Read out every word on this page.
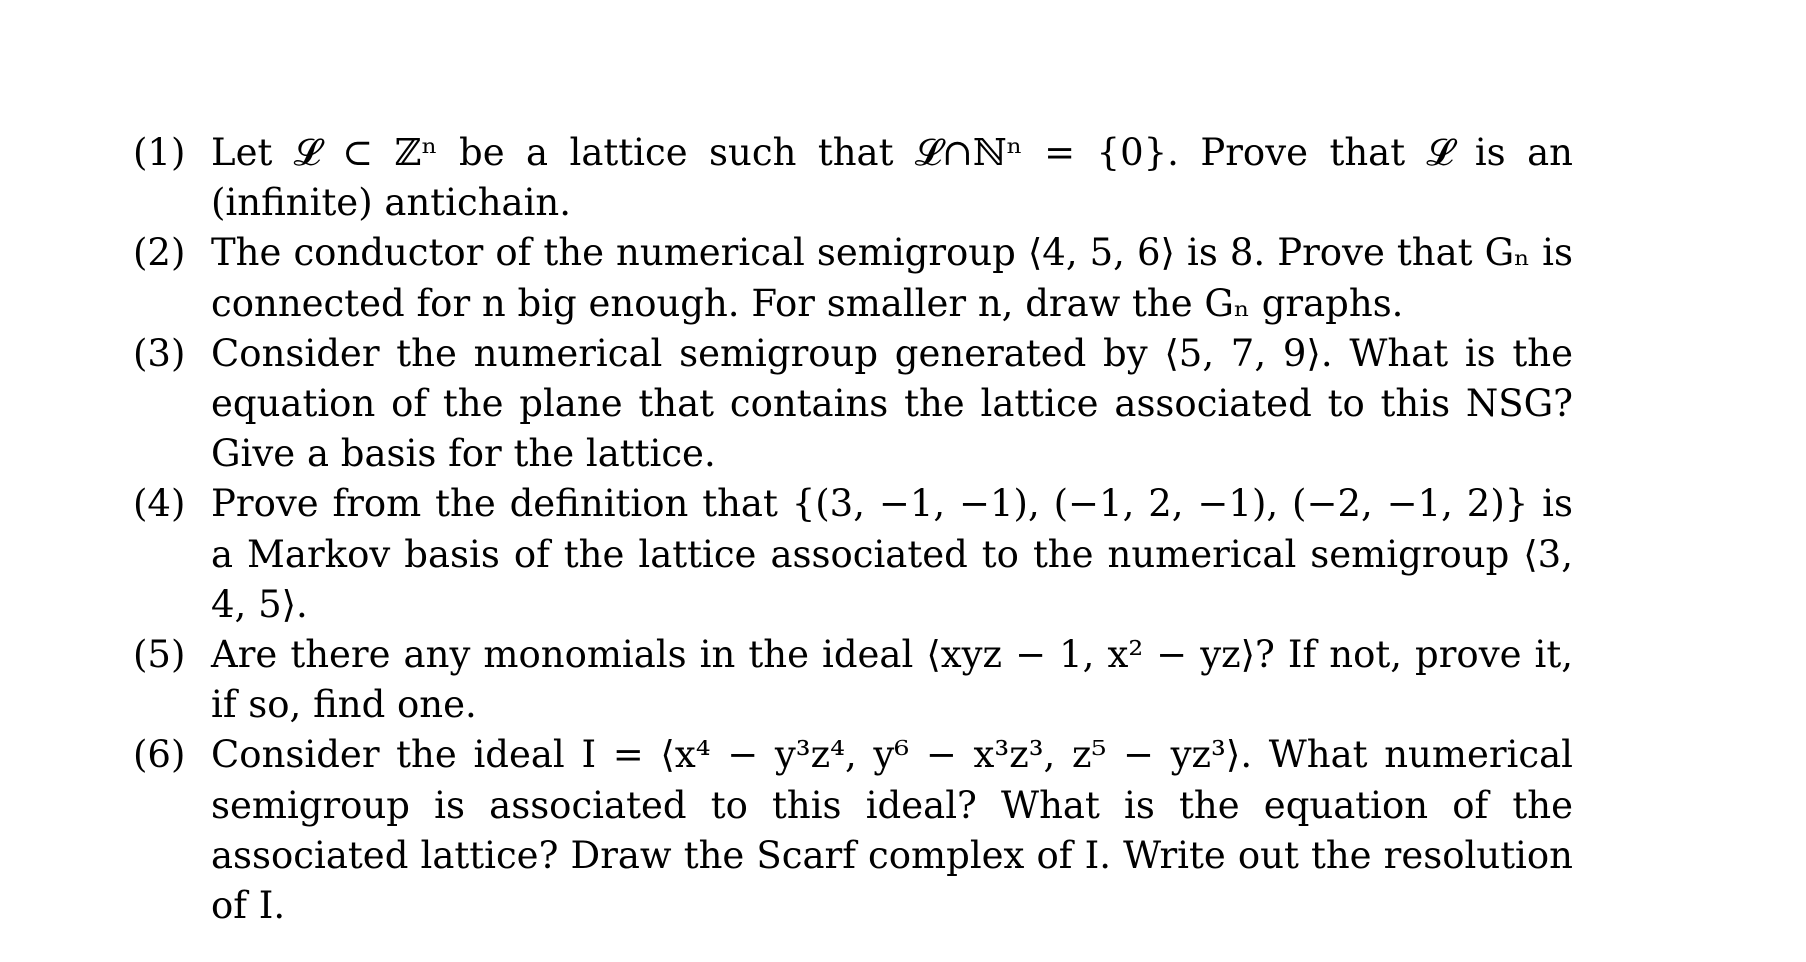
(1) Let 𝓛 ⊂ ℤⁿ be a lattice such that 𝓛∩ℕⁿ = {0}. Prove that 𝓛 is an (infinite) antichain.
(2) The conductor of the numerical semigroup ⟨4, 5, 6⟩ is 8. Prove that Gₙ is connected for n big enough. For smaller n, draw the Gₙ graphs.
(3) Consider the numerical semigroup generated by ⟨5, 7, 9⟩. What is the equation of the plane that contains the lattice associated to this NSG? Give a basis for the lattice.
(4) Prove from the definition that {(3, −1, −1), (−1, 2, −1), (−2, −1, 2)} is a Markov basis of the lattice associated to the numerical semigroup ⟨3, 4, 5⟩.
(5) Are there any monomials in the ideal ⟨xyz − 1, x² − yz⟩? If not, prove it, if so, find one.
(6) Consider the ideal I = ⟨x⁴ − y³z⁴, y⁶ − x³z³, z⁵ − yz³⟩. What numerical semigroup is associated to this ideal? What is the equation of the associated lattice? Draw the Scarf complex of I. Write out the resolution of I.
